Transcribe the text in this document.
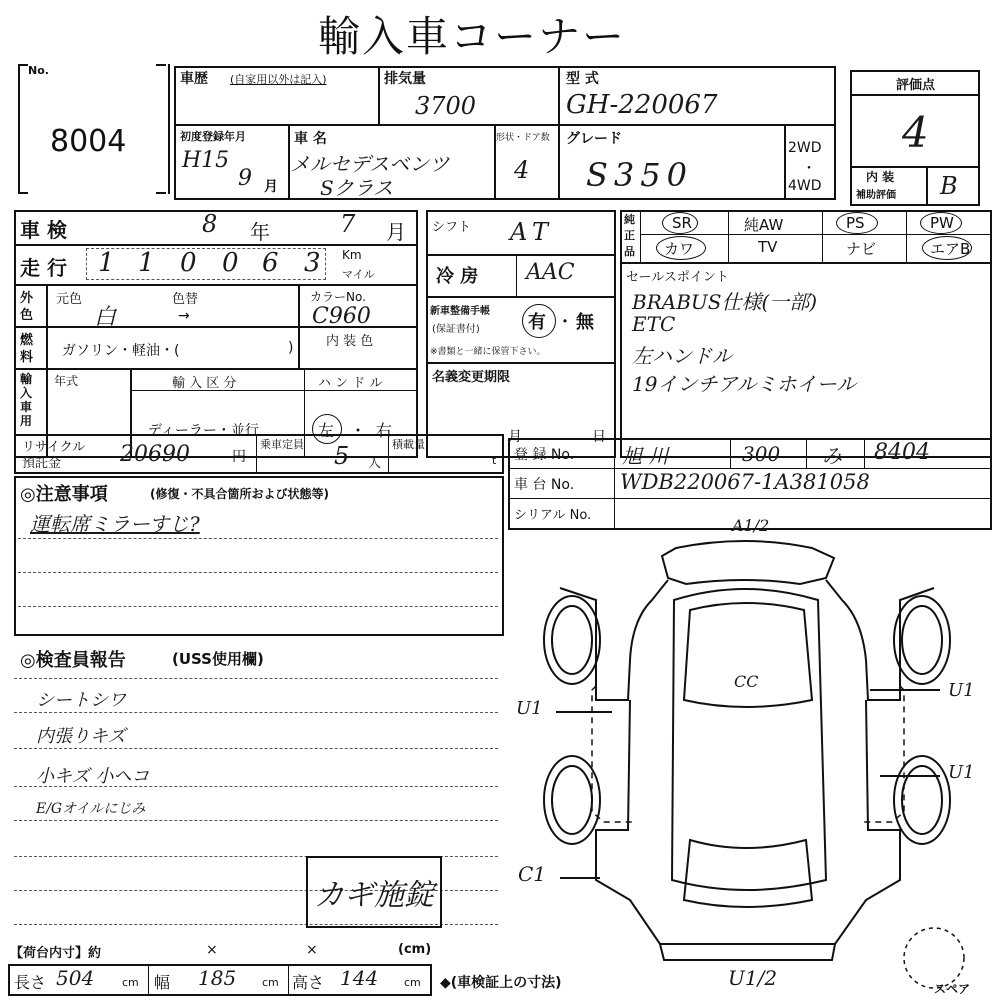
輸入車コーナー
No.
8004
車歴 (自家用以外は記入)	排気量
3700
型 式
GH-220067
初度登録年月
H15
9 月
車 名
メルセデスベンツ
Sクラス
形状・ドア数
4
グレード
S350
2WD
・
4WD
評価点
4
内 装
補助評価 B
車 検	8 年	7 月
走 行 1 1 0 0 6 3 Km
マイル
外色
元色	色替
白	→
カラーNo.
C960
燃料	ガソリン・軽油・(	)	内 装 色
輸入車用
年式	輸 入 区 分
ディーラー・並行
ハ ン ド ル
左 ・ 右
シフト AT
冷 房 AAC
新車整備手帳
(保証書付)	有 ・ 無
※書類と一緒に保管下さい。
名義変更期限
月	日
純正品
SR	純AW	PS	PW
カワ	TV	ナビ	エアB
セールスポイント
BRABUS仕様(一部)
ETC
左ハンドル
19インチアルミホイール
リサイクル
預託金	20690	円
乗車定員 5 人
積載量
t 登 録 No. 旭 川	300 み 8404
車 台 No. WDB220067-1A381058
シリアル No.
◎注意事項	(修復・不具合箇所および状態等)
運転席ミラーすじ?
◎検査員報告	(USS使用欄)
シートシワ
内張りキズ
小キズ 小ヘコ
E/Gオイルにじみ
カギ施錠
【荷台内寸】約	×	×	(cm)
長さ 504	cm 幅 185 cm 高さ 144 cm ◆(車検証上の寸法)
A1/2
CC
U1
U1
U1
C1
U1/2	スペア
